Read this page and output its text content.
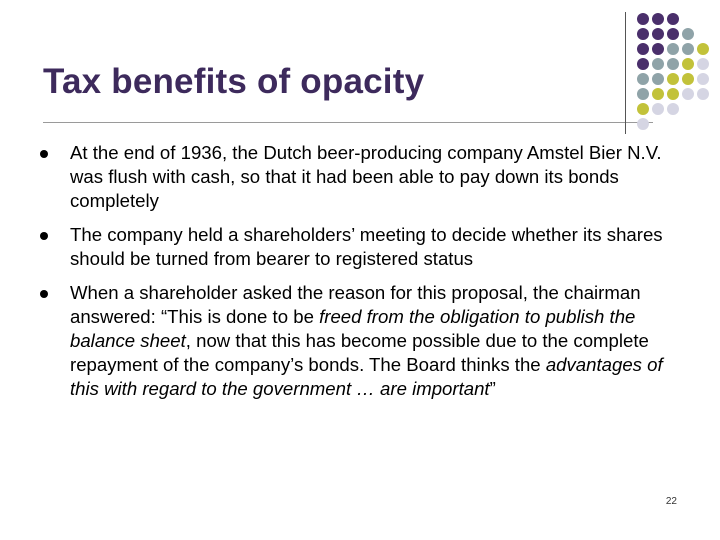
Tax benefits of opacity
At the end of 1936, the Dutch beer-producing company Amstel Bier N.V. was flush with cash, so that it had been able to pay down its bonds completely
The company held a shareholders’ meeting to decide whether its shares should be turned from bearer to registered status
When a shareholder asked the reason for this proposal, the chairman answered: “This is done to be freed from the obligation to publish the balance sheet, now that this has become possible due to the complete repayment of the company’s bonds. The Board thinks the advantages of this with regard to the government … are important”
22
